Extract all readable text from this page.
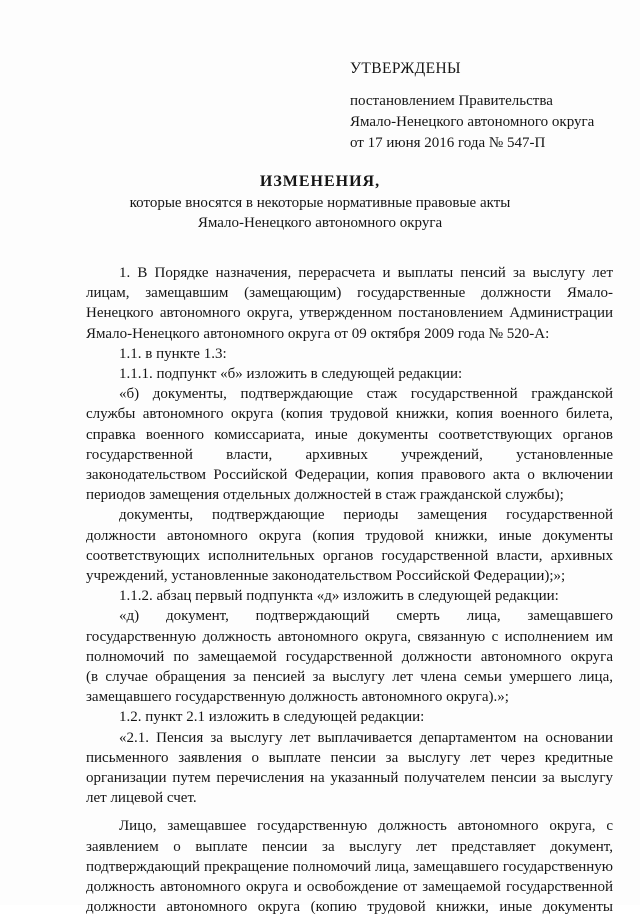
УТВЕРЖДЕНЫ
постановлением Правительства
Ямало-Ненецкого автономного округа
от 17 июня 2016 года № 547-П
ИЗМЕНЕНИЯ,
которые вносятся в некоторые нормативные правовые акты
Ямало-Ненецкого автономного округа

1. В Порядке назначения, перерасчета и выплаты пенсий за выслугу лет

лицам, замещавшим (замещающим) государственные должности Ямало-

Ненецкого автономного округа, утвержденном постановлением Администрации

Ямало-Ненецкого автономного округа от 09 октября 2009 года № 520-А:

1.1. в пункте 1.3:

1.1.1. подпункт «б» изложить в следующей редакции:

«б) документы, подтверждающие стаж государственной гражданской

службы автономного округа (копия трудовой книжки, копия военного билета,

справка военного комиссариата, иные документы соответствующих органов

государственной власти, архивных учреждений, установленные

законодательством Российской Федерации, копия правового акта о включении

периодов замещения отдельных должностей в стаж гражданской службы);

документы, подтверждающие периоды замещения государственной

должности автономного округа (копия трудовой книжки, иные документы

соответствующих исполнительных органов государственной власти, архивных

учреждений, установленные законодательством Российской Федерации);»;

1.1.2. абзац первый подпункта «д» изложить в следующей редакции:

«д) документ, подтверждающий смерть лица, замещавшего

государственную должность автономного округа, связанную с исполнением им

полномочий по замещаемой государственной должности автономного округа

(в случае обращения за пенсией за выслугу лет члена семьи умершего лица,

замещавшего государственную должность автономного округа).»;

1.2. пункт 2.1 изложить в следующей редакции:

«2.1. Пенсия за выслугу лет выплачивается департаментом на основании

письменного заявления о выплате пенсии за выслугу лет через кредитные

организации путем перечисления на указанный получателем пенсии за выслугу

лет лицевой счет.

Лицо, замещавшее государственную должность автономного округа, с

заявлением о выплате пенсии за выслугу лет представляет документ,

подтверждающий прекращение полномочий лица, замещавшего государственную

должность автономного округа и освобождение от замещаемой государственной

должности автономного округа (копию трудовой книжки, иные документы
